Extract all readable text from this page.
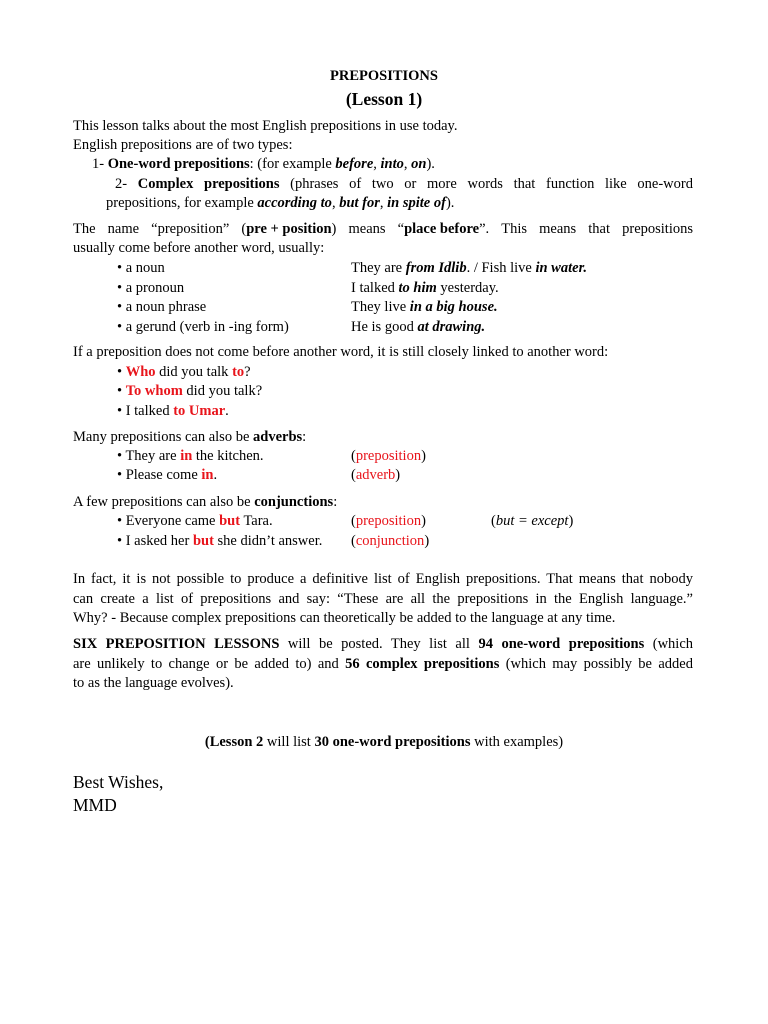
PREPOSITIONS
(Lesson 1)
This lesson talks about the most English prepositions in use today.
English prepositions are of two types:
1- One-word prepositions: (for example before, into, on).
2- Complex prepositions (phrases of two or more words that function like one-word
prepositions, for example according to, but for, in spite of).
The name “preposition” (pre + position) means “place before”. This means that prepositions
usually come before another word, usually:
• a noun	They are from Idlib. / Fish live in water.
• a pronoun	I talked to him yesterday.
• a noun phrase	They live in a big house.
• a gerund (verb in -ing form)	He is good at drawing.
If a preposition does not come before another word, it is still closely linked to another word:
• Who did you talk to?
• To whom did you talk?
• I talked to Umar.
Many prepositions can also be adverbs:
• They are in the kitchen.	(preposition)
• Please come in.	(adverb)
A few prepositions can also be conjunctions:
• Everyone came but Tara.	(preposition)	(but = except)
• I asked her but she didn’t answer. (conjunction)
In fact, it is not possible to produce a definitive list of English prepositions. That means that nobody
can create a list of prepositions and say: “These are all the prepositions in the English language.”
Why? - Because complex prepositions can theoretically be added to the language at any time.
SIX PREPOSITION LESSONS will be posted. They list all 94 one-word prepositions (which
are unlikely to change or be added to) and 56 complex prepositions (which may possibly be added
to as the language evolves).
(Lesson 2 will list 30 one-word prepositions with examples)
Best Wishes,
MMD
